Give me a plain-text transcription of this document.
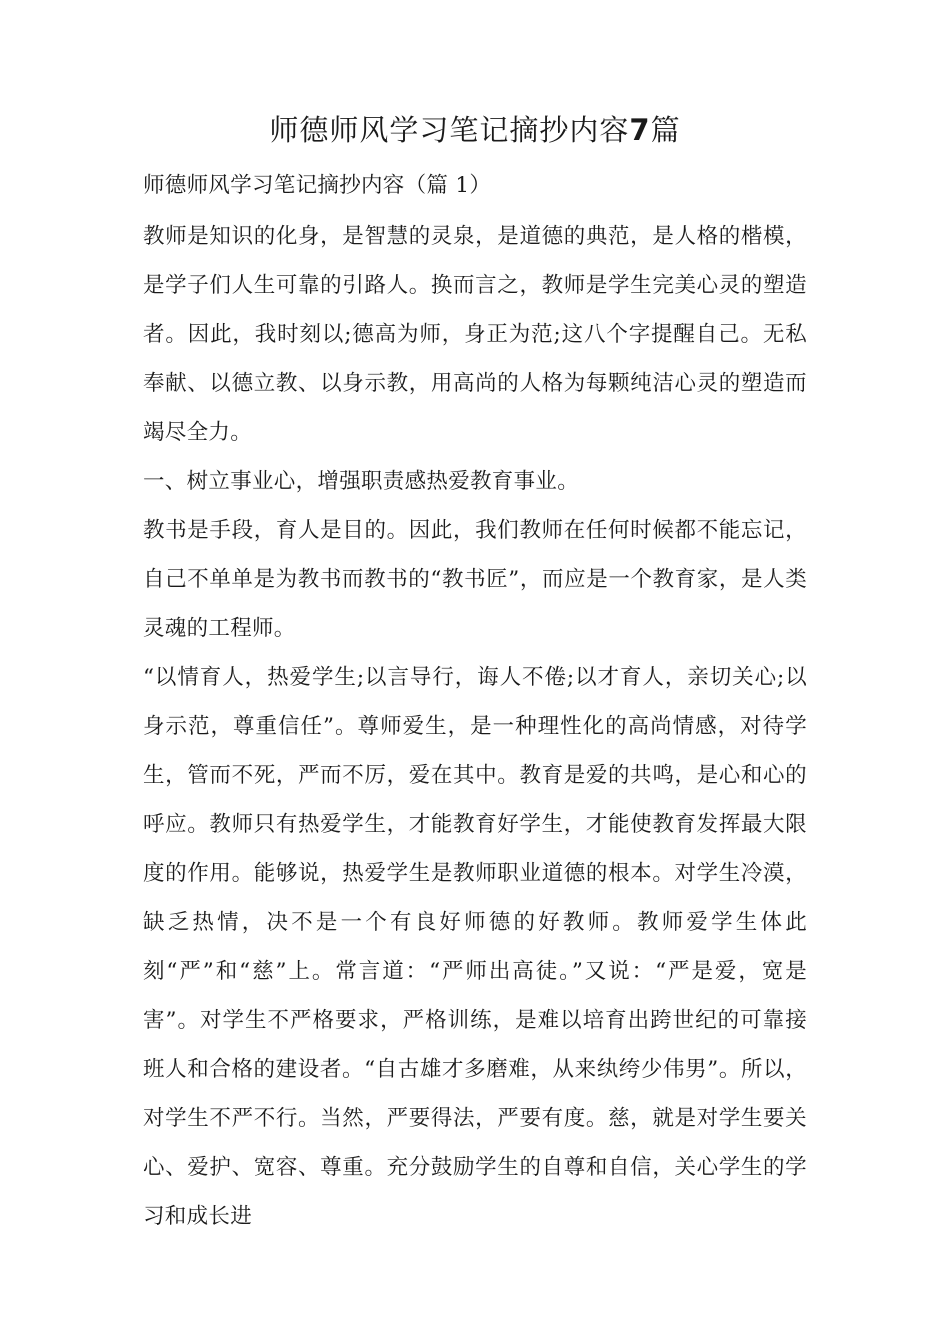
师德师风学习笔记摘抄内容7篇

师德师风学习笔记摘抄内容（篇 1）

教师是知识的化身，是智慧的灵泉，是道德的典范，是人格的楷模，是学子们人生可靠的引路人。换而言之，教师是学生完美心灵的塑造者。因此，我时刻以;德高为师，身正为范;这八个字提醒自己。无私奉献、以德立教、以身示教，用高尚的人格为每颗纯洁心灵的塑造而竭尽全力。

一、树立事业心，增强职责感热爱教育事业。

教书是手段，育人是目的。因此，我们教师在任何时候都不能忘记，自己不单单是为教书而教书的“教书匠”，而应是一个教育家，是人类灵魂的工程师。

“以情育人，热爱学生;以言导行，诲人不倦;以才育人，亲切关心;以身示范，尊重信任”。尊师爱生，是一种理性化的高尚情感，对待学生，管而不死，严而不厉，爱在其中。教育是爱的共鸣，是心和心的呼应。教师只有热爱学生，才能教育好学生，才能使教育发挥最大限度的作用。能够说，热爱学生是教师职业道德的根本。对学生冷漠，缺乏热情，决不是一个有良好师德的好教师。教师爱学生体此刻“严”和“慈”上。常言道：“严师出高徒。”又说：“严是爱，宽是害”。对学生不严格要求，严格训练，是难以培育出跨世纪的可靠接班人和合格的建设者。“自古雄才多磨难，从来纨绔少伟男”。所以，对学生不严不行。当然，严要得法，严要有度。慈，就是对学生要关心、爱护、宽容、尊重。充分鼓励学生的自尊和自信，关心学生的学习和成长进
